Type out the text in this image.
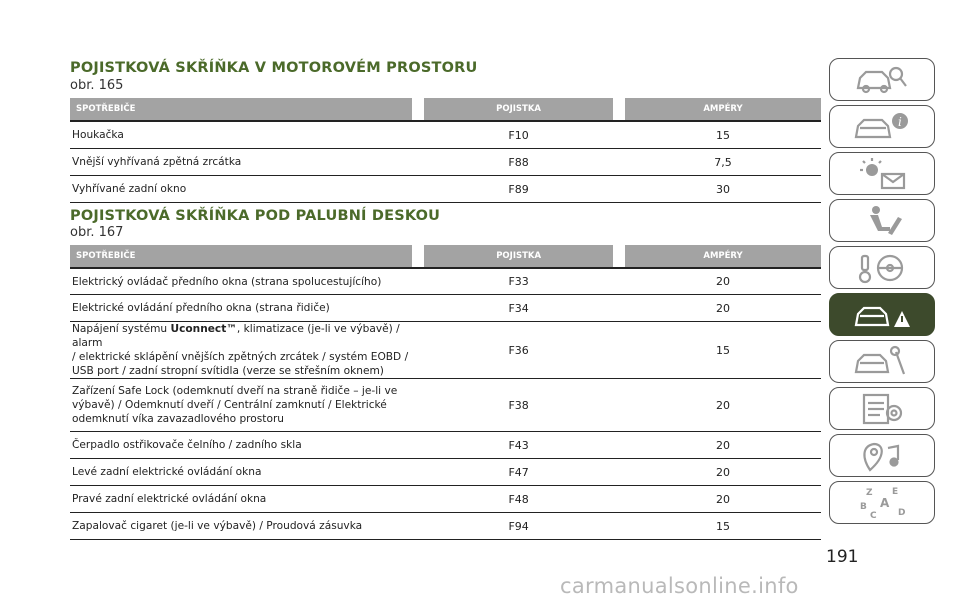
POJISTKOVÁ SKŘÍŇKA V MOTOROVÉM PROSTORU
obr. 165
SPOTŘEBIČE		POJISTKA		AMPÉRY
Houkačka		F10		15
Vnější vyhřívaná zpětná zrcátka		F88		7,5
Vyhřívané zadní okno		F89		30
POJISTKOVÁ SKŘÍŇKA POD PALUBNÍ DESKOU
obr. 167
SPOTŘEBIČE		POJISTKA		AMPÉRY
Elektrický ovládač předního okna (strana spolucestujícího)		F33		20
Elektrické ovládání předního okna (strana řidiče)		F34		20
Napájení systému Uconnect™, klimatizace (je-li ve výbavě) / alarm
/ elektrické sklápění vnějších zpětných zrcátek / systém EOBD /
USB port / zadní stropní svítidla (verze se střešním oknem)		F36		15
Zařízení Safe Lock (odemknutí dveří na straně řidiče – je-li ve
výbavě) / Odemknutí dveří / Centrální zamknutí / Elektrické
odemknutí víka zavazadlového prostoru		F38		20
Čerpadlo ostřikovače čelního / zadního skla		F43		20
Levé zadní elektrické ovládání okna		F47		20
Pravé zadní elektrické ovládání okna		F48		20
Zapalovač cigaret (je-li ve výbavě) / Proudová zásuvka		F94		15
i
Z E
B A
C D
191
carmanualsonline.info
